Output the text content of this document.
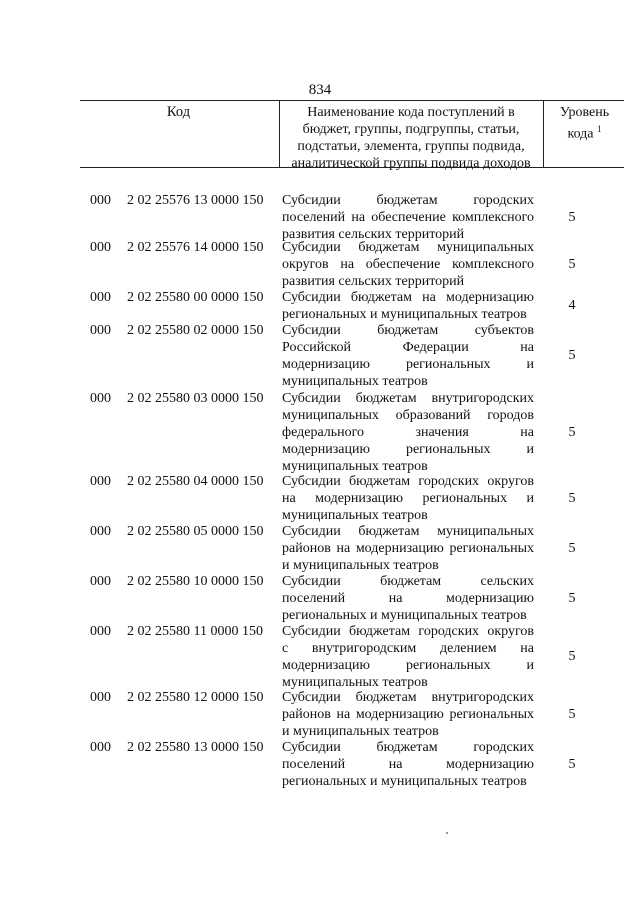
834
Код	Наименование кода поступлений в
бюджет, группы, подгруппы, статьи,
подстатьи, элемента, группы подвида,
аналитической группы подвида доходов
Уровень
кода $^1$
000 2 02 25576 13 0000 150 Субсидии бюджетам городских
поселений на обеспечение комплексного
развития сельских территорий
5
000 2 02 25576 14 0000 150 Субсидии бюджетам муниципальных
округов на обеспечение комплексного
развития сельских территорий
5
000 2 02 25580 00 0000 150 Субсидии бюджетам на модернизацию
региональных и муниципальных театров
4
000 2 02 25580 02 0000 150 Субсидии бюджетам субъектов
Российской Федерации на
модернизацию региональных и
муниципальных театров
5
000 2 02 25580 03 0000 150 Субсидии бюджетам внутригородских
муниципальных образований городов
федерального значения на
модернизацию региональных и
муниципальных театров
5
000 2 02 25580 04 0000 150 Субсидии бюджетам городских округов
на модернизацию региональных и
муниципальных театров
5
000 2 02 25580 05 0000 150 Субсидии бюджетам муниципальных
районов на модернизацию региональных
и муниципальных театров
5
000 2 02 25580 10 0000 150 Субсидии бюджетам сельских
поселений на модернизацию
региональных и муниципальных театров
5
000 2 02 25580 11 0000 150 Субсидии бюджетам городских округов
с внутригородским делением на
модернизацию региональных и
муниципальных театров
5
000 2 02 25580 12 0000 150 Субсидии бюджетам внутригородских
районов на модернизацию региональных
и муниципальных театров
5
000 2 02 25580 13 0000 150 Субсидии бюджетам городских
поселений на модернизацию
региональных и муниципальных театров
5
